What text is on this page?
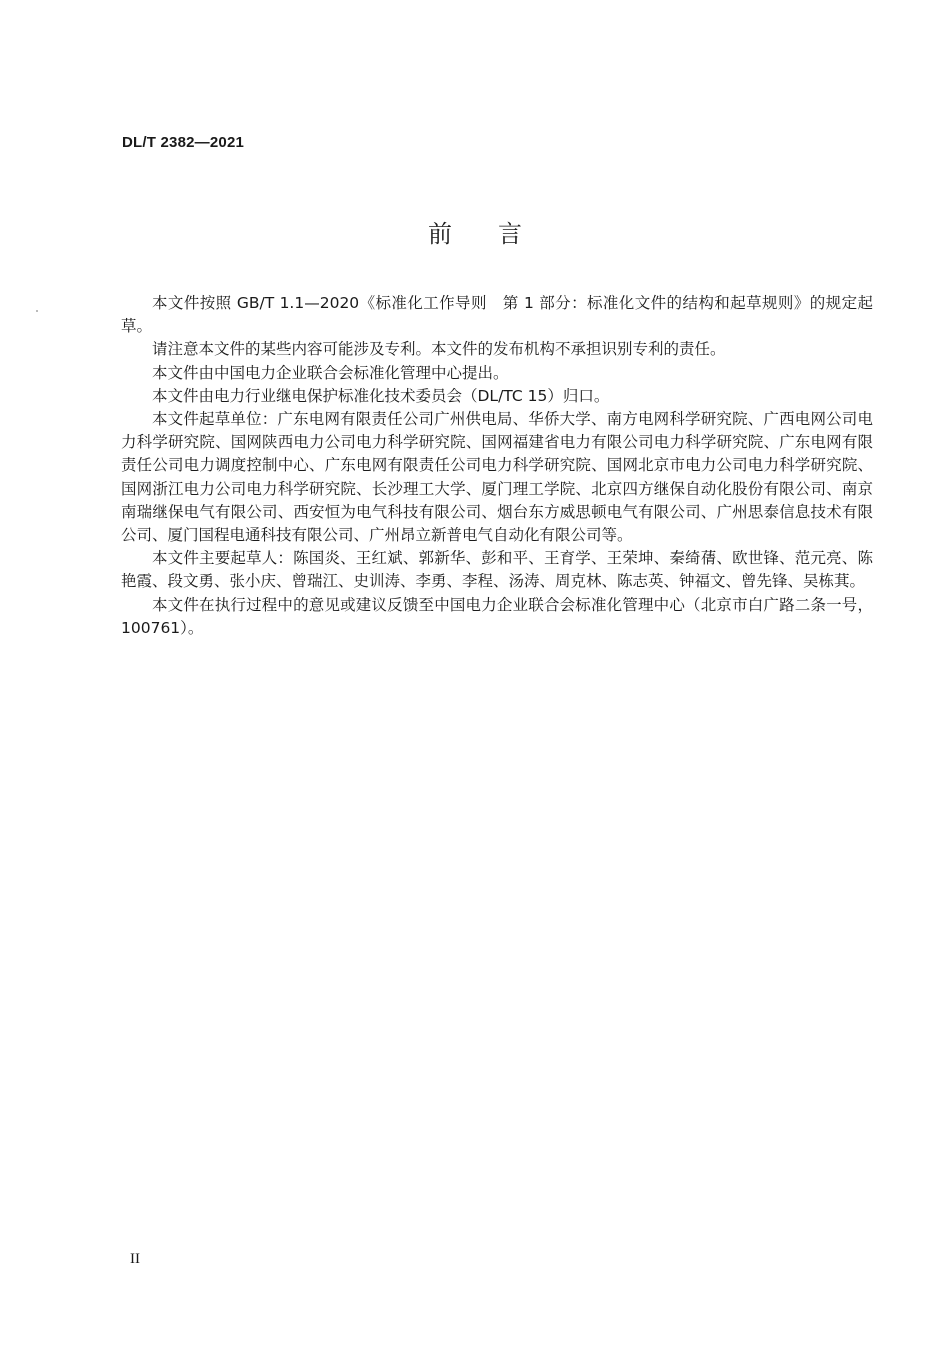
DL/T 2382—2021
前 言

本文件按照 GB/T 1.1—2020《标准化工作导则　第 1 部分：标准化文件的结构和起草规则》的规定起草。

请注意本文件的某些内容可能涉及专利。本文件的发布机构不承担识别专利的责任。

本文件由中国电力企业联合会标准化管理中心提出。

本文件由电力行业继电保护标准化技术委员会（DL/TC 15）归口。

本文件起草单位：广东电网有限责任公司广州供电局、华侨大学、南方电网科学研究院、广西电网公司电力科学研究院、国网陕西电力公司电力科学研究院、国网福建省电力有限公司电力科学研究院、广东电网有限责任公司电力调度控制中心、广东电网有限责任公司电力科学研究院、国网北京市电力公司电力科学研究院、国网浙江电力公司电力科学研究院、长沙理工大学、厦门理工学院、北京四方继保自动化股份有限公司、南京南瑞继保电气有限公司、西安恒为电气科技有限公司、烟台东方威思顿电气有限公司、广州思泰信息技术有限公司、厦门国程电通科技有限公司、广州昂立新普电气自动化有限公司等。

本文件主要起草人：陈国炎、王红斌、郭新华、彭和平、王育学、王荣坤、秦绮蒨、欧世锋、范元亮、陈艳霞、段文勇、张小庆、曾瑞江、史训涛、李勇、李程、汤涛、周克林、陈志英、钟福文、曾先锋、吴栋萁。

本文件在执行过程中的意见或建议反馈至中国电力企业联合会标准化管理中心（北京市白广路二条一号，100761）。

II
